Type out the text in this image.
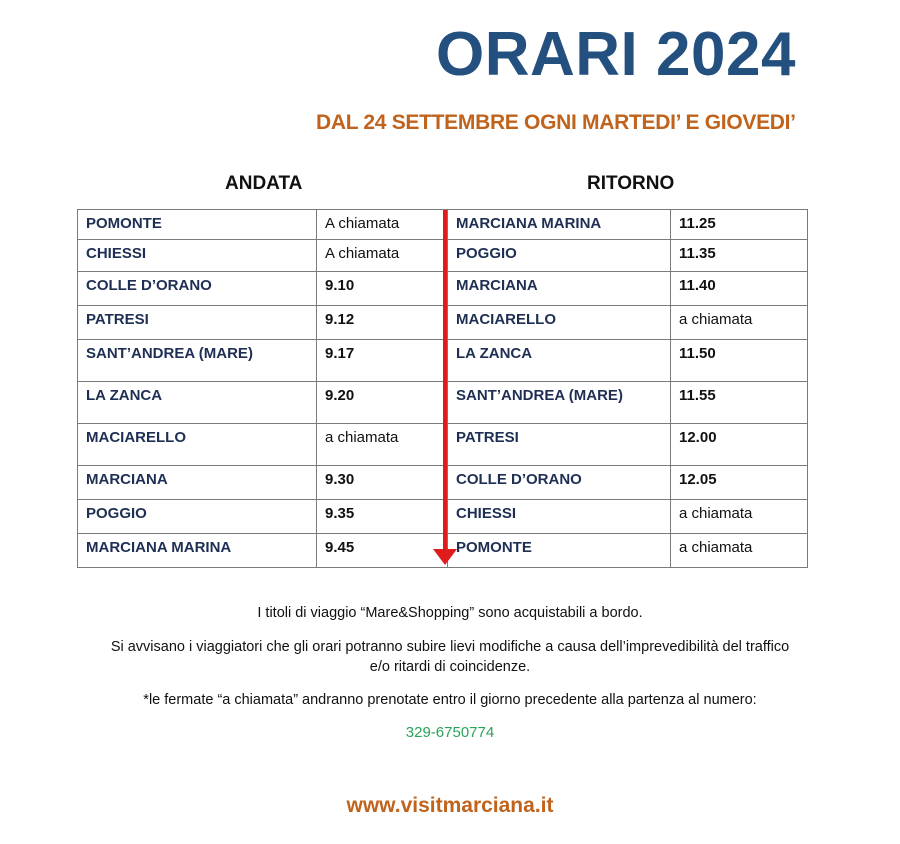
ORARI 2024
DAL 24 SETTEMBRE OGNI MARTEDI’ E GIOVEDI’
ANDATA	RITORNO
POMONTE	A chiamata	MARCIANA MARINA	11.25
CHIESSI	A chiamata	POGGIO	11.35
COLLE D’ORANO	9.10	MARCIANA	11.40
PATRESI	9.12	MACIARELLO	a chiamata
SANT’ANDREA (MARE)	9.17	LA ZANCA	11.50
LA ZANCA	9.20	SANT’ANDREA (MARE)	11.55
MACIARELLO	a chiamata	PATRESI	12.00
MARCIANA	9.30	COLLE D’ORANO	12.05
POGGIO	9.35	CHIESSI	a chiamata
MARCIANA MARINA	9.45	POMONTE	a chiamata
I titoli di viaggio “Mare&Shopping” sono acquistabili a bordo.
Si avvisano i viaggiatori che gli orari potranno subire lievi modifiche a causa dell’imprevedibilità del traffico
e/o ritardi di coincidenze.
*le fermate “a chiamata” andranno prenotate entro il giorno precedente alla partenza al numero:
329-6750774
www.visitmarciana.it
